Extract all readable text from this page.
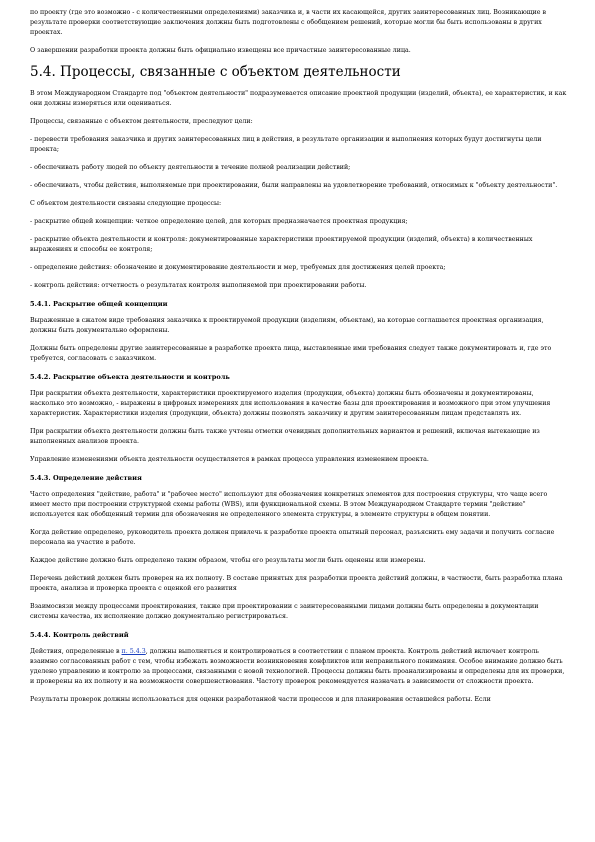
по проекту (где это возможно - с количественными определениями) заказчика и, в части их касающейся, других заинтересованных лиц. Возникающие в результате проверки соответствующие заключения должны быть подготовлены с обобщением решений, которые могли бы быть использованы в других проектах.

О завершении разработки проекта должны быть официально извещены все причастные заинтересованные лица.

5.4. Процессы, связанные с объектом деятельности

В этом Международном Стандарте под "объектом деятельности" подразумевается описание проектной продукции (изделий, объекта), ее характеристик, и как они должны измеряться или оцениваться.

Процессы, связанные с объектом деятельности, преследуют цели:

- перевести требования заказчика и других заинтересованных лиц в действия, в результате организации и выполнения которых будут достигнуты цели проекта;

- обеспечивать работу людей по объекту деятельности в течение полной реализации действий;

- обеспечивать, чтобы действия, выполняемые при проектировании, были направлены на удовлетворение требований, относимых к "объекту деятельности".

С объектом деятельности связаны следующие процессы:

- раскрытие общей концепции: четкое определение целей, для которых предназначается проектная продукция;

- раскрытие объекта деятельности и контроля: документированные характеристики проектируемой продукции (изделий, объекта) в количественных выражениях и способы ее контроля;

- определение действия: обозначение и документирование деятельности и мер, требуемых для достижения целей проекта;

- контроль действия: отчетность о результатах контроля выполняемой при проектировании работы.

5.4.1. Раскрытие общей концепции

Выраженные в сжатом виде требования заказчика к проектируемой продукции (изделиям, объектам), на которые соглашается проектная организация, должны быть документально оформлены.

Должны быть определены другие заинтересованные в разработке проекта лица, выставленные ими требования следует также документировать и, где это требуется, согласовать с заказчиком.

5.4.2. Раскрытие объекта деятельности и контроль

При раскрытии объекта деятельности, характеристики проектируемого изделия (продукции, объекта) должны быть обозначены и документированы, насколько это возможно, - выражены в цифровых измерениях для использования в качестве базы для проектирования и возможного при этом улучшения характеристик. Характеристики изделия (продукции, объекта) должны позволять заказчику и другим заинтересованным лицам представлять их.

При раскрытии объекта деятельности должны быть также учтены отметки очевидных дополнительных вариантов и решений, включая вытекающие из выполненных анализов проекта.

Управление изменениями объекта деятельности осуществляется в рамках процесса управления изменением проекта.

5.4.3. Определение действия

Часто определения "действие, работа" и "рабочее место" используют для обозначения конкретных элементов для построения структуры, что чаще всего имеет место при построении структурной схемы работы (WBS), или функциональной схемы. В этом Международном Стандарте термин "действие" используется как обобщенный термин для обозначения не определенного элемента структуры, в элементе структуры в общем понятии.

Когда действие определено, руководитель проекта должен привлечь к разработке проекта опытный персонал, разъяснить ему задачи и получить согласие персонала на участие в работе.

Каждое действие должно быть определено таким образом, чтобы его результаты могли быть оценены или измерены.

Перечень действий должен быть проверен на их полноту. В составе принятых для разработки проекта действий должны, в частности, быть разработка плана проекта, анализа и проверка проекта с оценкой его развития

Взаимосвязи между процессами проектирования, также при проектировании с заинтересованными лицами должны быть определены в документации системы качества, их исполнение должно документально регистрироваться.

5.4.4. Контроль действий

Действия, определенные в п. 5.4.3, должны выполняться и контролироваться в соответствии с планом проекта. Контроль действий включает контроль взаимно согласованных работ с тем, чтобы избежать возможности возникновения конфликтов или неправильного понимания. Особое внимание должно быть уделено управлению и контролю за процессами, связанными с новой технологией. Процессы должны быть проанализированы и определены для их проверки, и проверены на их полноту и на возможности совершенствования. Частоту проверок рекомендуется назначать в зависимости от сложности проекта.

Результаты проверок должны использоваться для оценки разработанной части процессов и для планирования оставшейся работы. Если
